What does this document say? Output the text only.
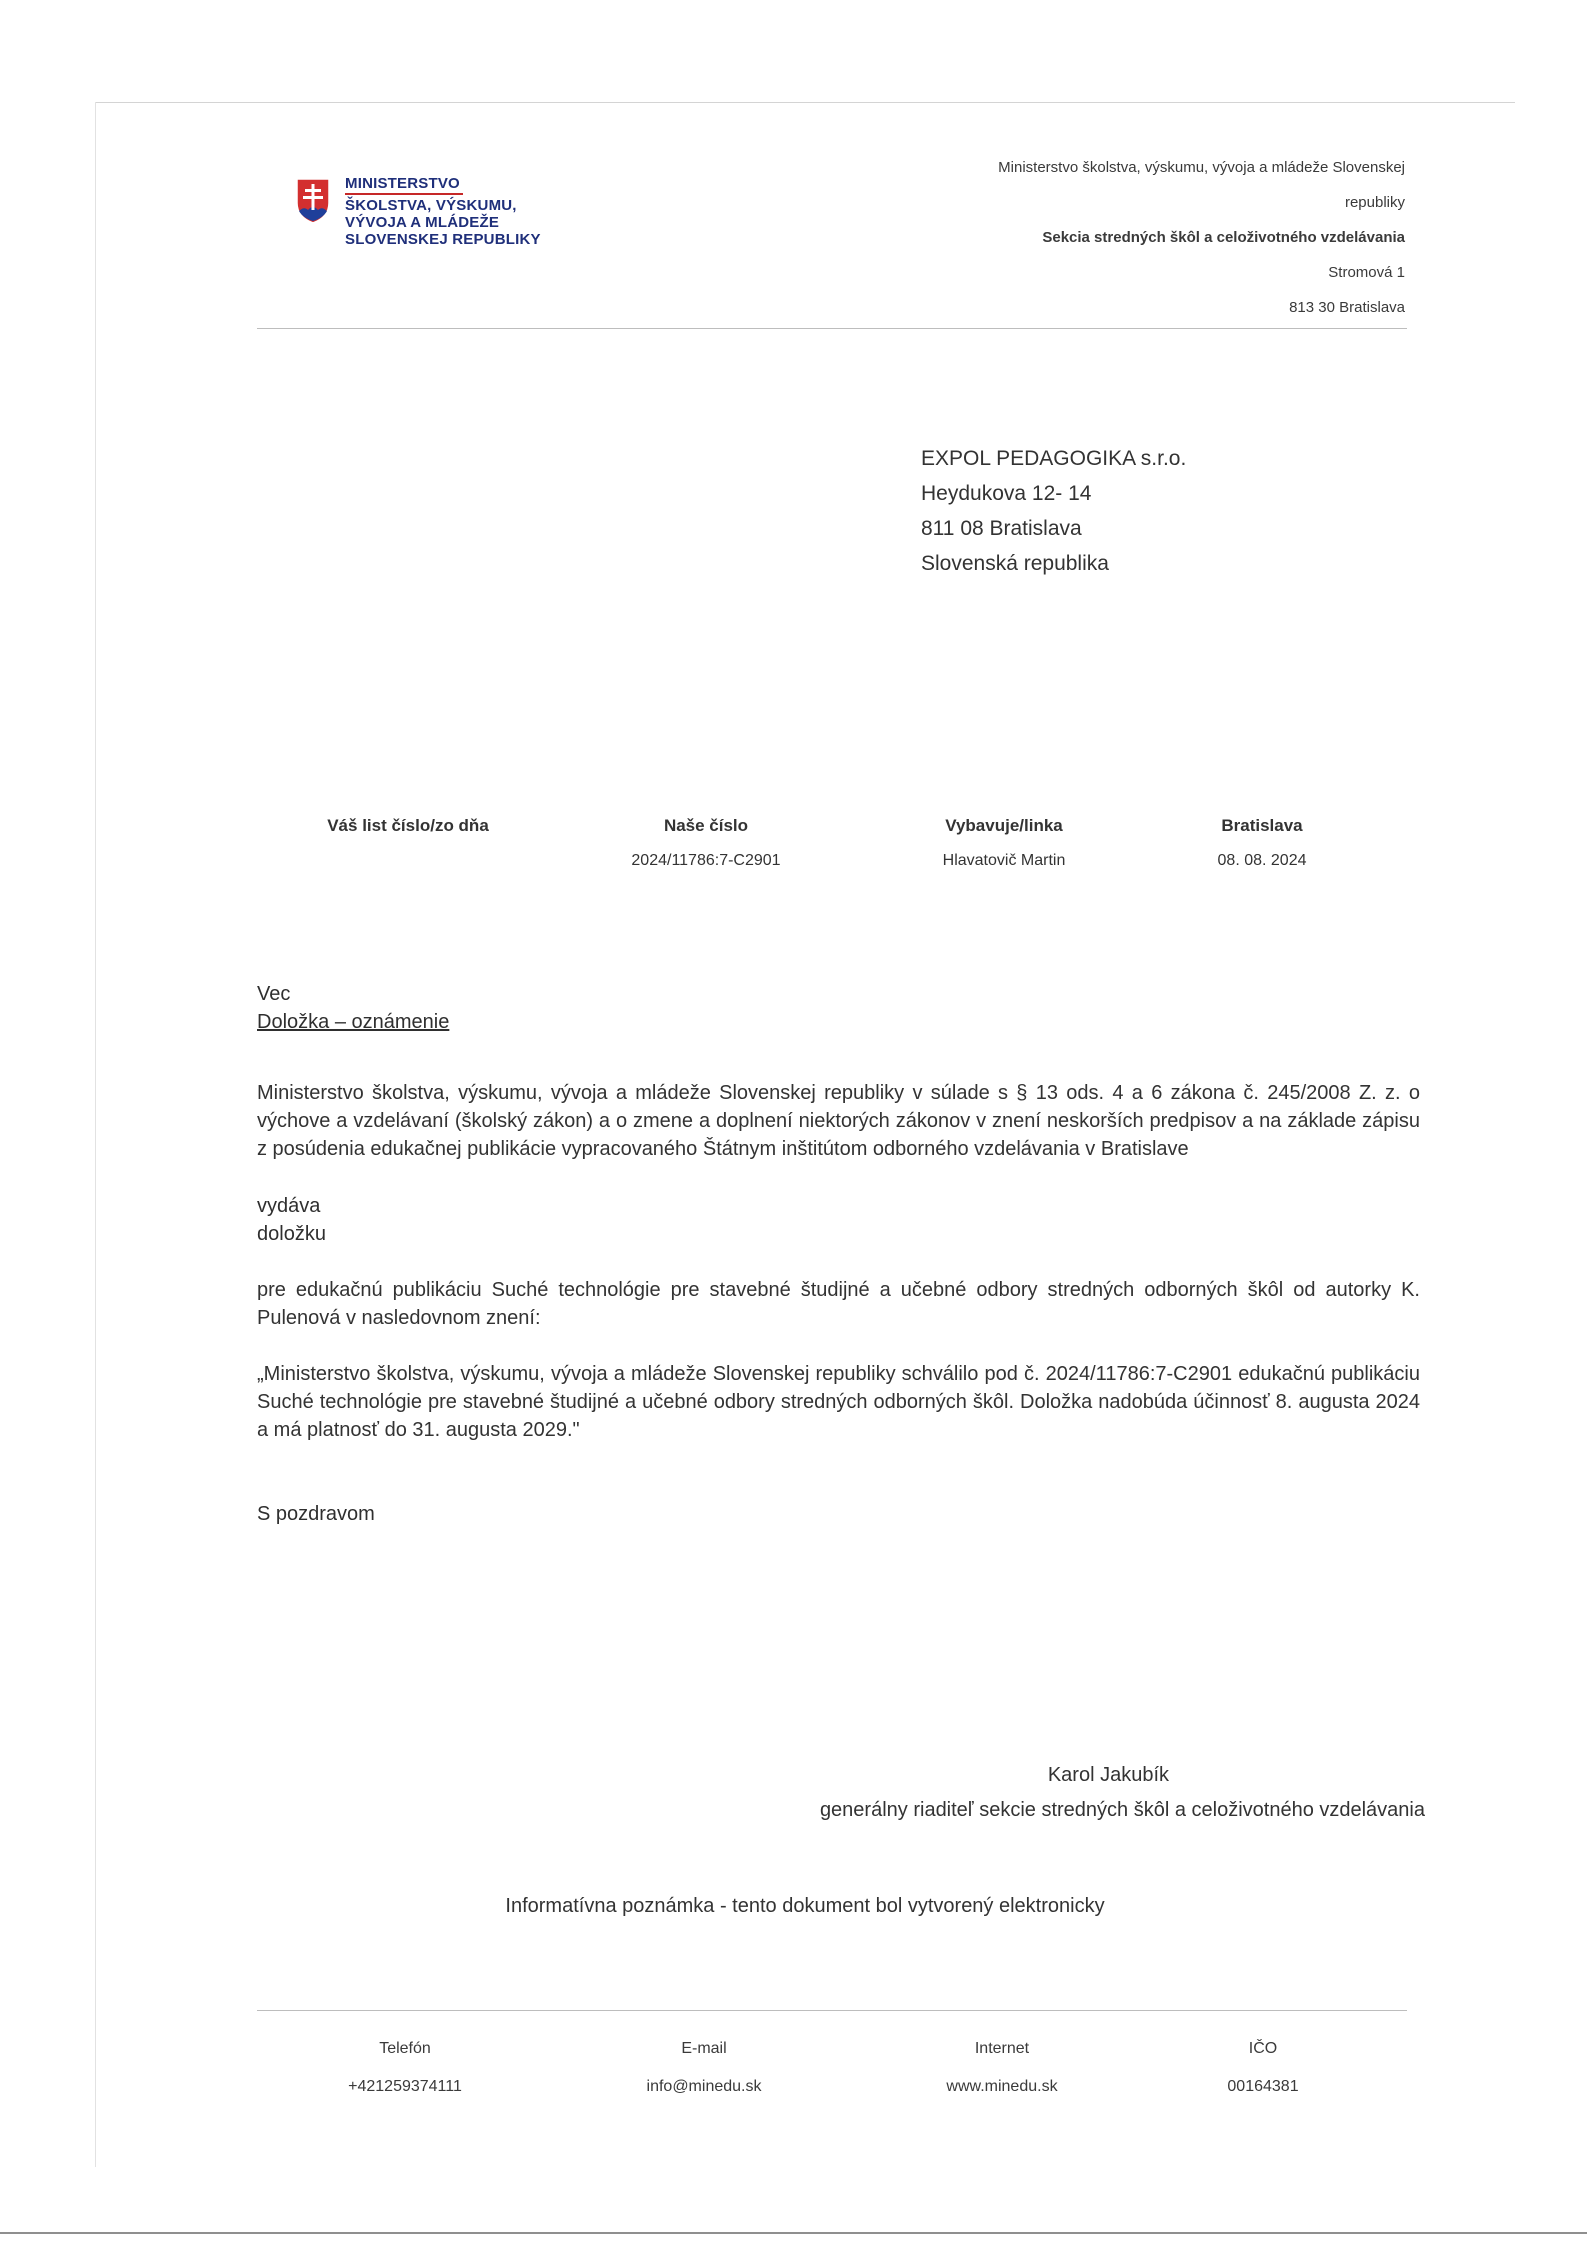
MINISTERSTVO
ŠKOLSTVA, VÝSKUMU,
VÝVOJA A MLÁDEŽE
SLOVENSKEJ REPUBLIKY
Ministerstvo školstva, výskumu, vývoja a mládeže Slovenskej
republiky
Sekcia stredných škôl a celoživotného vzdelávania
Stromová 1
813 30 Bratislava
EXPOL PEDAGOGIKA s.r.o.
Heydukova 12- 14
811 08 Bratislava
Slovenská republika
Váš list číslo/zo dňa	Naše číslo
2024/11786:7-C2901
Vybavuje/linka
Hlavatovič Martin
Bratislava
08. 08. 2024
Vec
Doložka – oznámenie
Ministerstvo školstva, výskumu, vývoja a mládeže Slovenskej republiky v súlade s § 13 ods. 4 a 6 zákona č. 245/2008 Z. z. o výchove a vzdelávaní (školský zákon) a o zmene a doplnení niektorých zákonov v znení neskorších predpisov a na základe zápisu z posúdenia edukačnej publikácie vypracovaného Štátnym inštitútom odborného vzdelávania v Bratislave
vydáva
doložku
pre edukačnú publikáciu Suché technológie pre stavebné študijné a učebné odbory stredných odborných škôl od autorky K. Pulenová v nasledovnom znení:
„Ministerstvo školstva, výskumu, vývoja a mládeže Slovenskej republiky schválilo pod č. 2024/11786:7-C2901 edukačnú publikáciu Suché technológie pre stavebné študijné a učebné odbory stredných odborných škôl. Doložka nadobúda účinnosť 8. augusta 2024 a má platnosť do 31. augusta 2029."
S pozdravom
Karol Jakubík
generálny riaditeľ sekcie stredných škôl a celoživotného vzdelávania
Informatívna poznámka - tento dokument bol vytvorený elektronicky
Telefón
+421259374111
E-mail
info@minedu.sk
Internet
www.minedu.sk
IČO
00164381
